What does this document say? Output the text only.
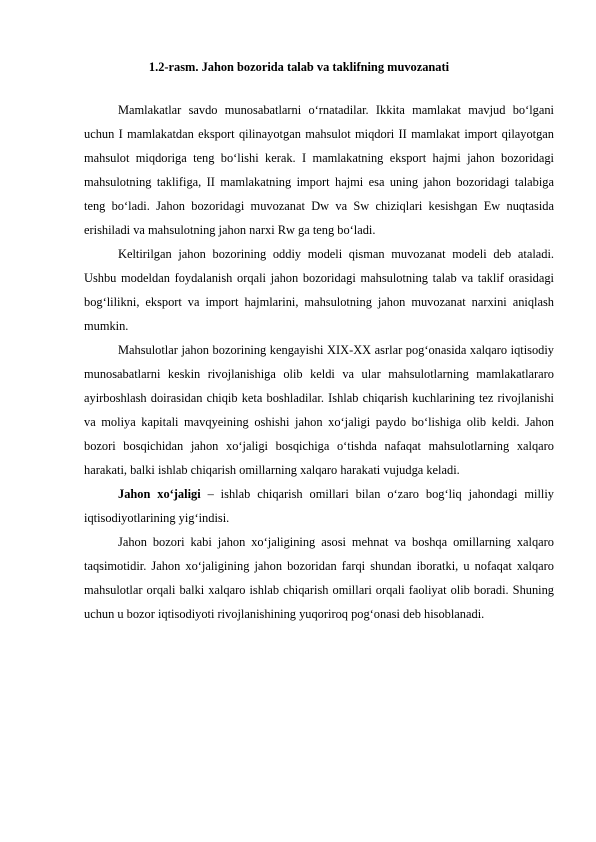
1.2-rasm. Jahon bozorida talab va taklifning muvozanati

Mamlakatlar savdo munosabatlarni o‘rnatadilar. Ikkita mamlakat mavjud bo‘lgani uchun I mamlakatdan eksport qilinayotgan mahsulot miqdori II mamlakat import qilayotgan mahsulot miqdoriga teng bo‘lishi kerak. I mamlakatning eksport hajmi jahon bozoridagi mahsulotning taklifiga, II mamlakatning import hajmi esa uning jahon bozoridagi talabiga teng bo‘ladi. Jahon bozoridagi muvozanat Dw va Sw chiziqlari kesishgan Ew nuqtasida erishiladi va mahsulotning jahon narxi Rw ga teng bo‘ladi.

Keltirilgan jahon bozorining oddiy modeli qisman muvozanat modeli deb ataladi. Ushbu modeldan foydalanish orqali jahon bozoridagi mahsulotning talab va taklif orasidagi bog‘lilikni, eksport va import hajmlarini, mahsulotning jahon muvozanat narxini aniqlash mumkin.

Mahsulotlar jahon bozorining kengayishi XIX-XX asrlar pog‘onasida xalqaro iqtisodiy munosabatlarni keskin rivojlanishiga olib keldi va ular mahsulotlarning mamlakatlararo ayirboshlash doirasidan chiqib keta boshladilar. Ishlab chiqarish kuchlarining tez rivojlanishi va moliya kapitali mavqyeining oshishi jahon xo‘jaligi paydo bo‘lishiga olib keldi. Jahon bozori bosqichidan jahon xo‘jaligi bosqichiga o‘tishda nafaqat mahsulotlarning xalqaro harakati, balki ishlab chiqarish omillarning xalqaro harakati vujudga keladi.

Jahon xo‘jaligi – ishlab chiqarish omillari bilan o‘zaro bog‘liq jahondagi milliy iqtisodiyotlarining yig‘indisi.

Jahon bozori kabi jahon xo‘jaligining asosi mehnat va boshqa omillarning xalqaro taqsimotidir. Jahon xo‘jaligining jahon bozoridan farqi shundan iboratki, u nofaqat xalqaro mahsulotlar orqali balki xalqaro ishlab chiqarish omillari orqali faoliyat olib boradi. Shuning uchun u bozor iqtisodiyoti rivojlanishining yuqoriroq pog‘onasi deb hisoblanadi.
